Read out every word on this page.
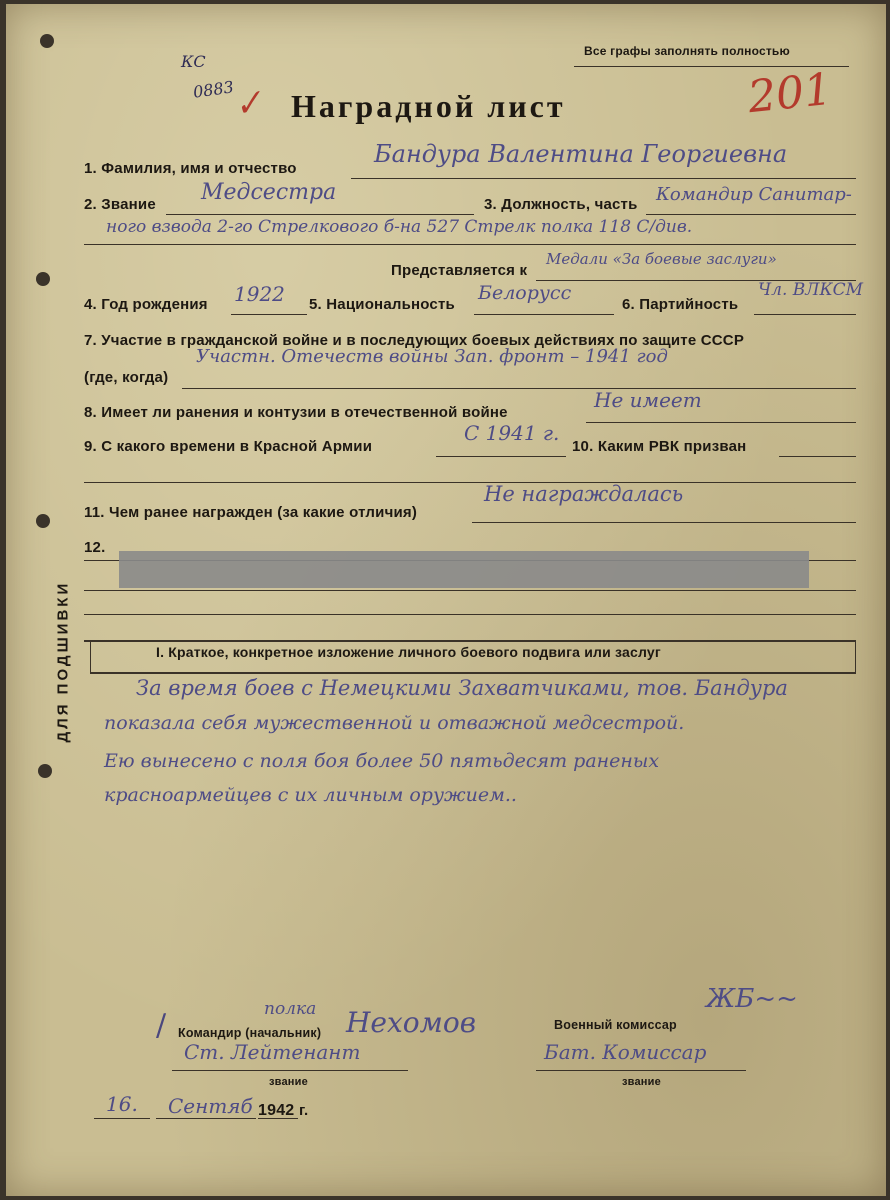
ДЛЯ ПОДШИВКИ
Все графы заполнять полностью
Наградной лист
КС
0883	201
✓
1. Фамилия, имя и отчество
Бандура Валентина Георгиевна
2. Звание Медсестра	3. Должность, часть Командир Санитар-
ного взвода 2-го Стрелкового б-на 527 Стрелк полка 118 С/див.
Представляется к
Медали «За боевые заслуги»
4. Год рождения 1922 5. Национальность
Белорусс
6. Партийность
Чл. ВЛКСМ
7. Участие в гражданской войне и в последующих боевых действиях по защите СССР
(где, когда)
Участн. Отечеств войны Зап. фронт – 1941 год
8. Имеет ли ранения и контузии в отечественной войне
Не имеет
9. С какого времени в Красной Армии
С 1941 г.
10. Каким РВК призван
11. Чем ранее награжден (за какие отличия)
Не награждалась
12.
I. Краткое, конкретное изложение личного боевого подвига или заслуг
За время боев с Немецкими Захватчиками, тов. Бандура
показала себя мужественной и отважной медсестрой.
Ею вынесено с поля боя более 50 пятьдесят раненых
красноармейцев с их личным оружием..
полка
/ Командир (начальник) Нехомов
Ст. Лейтенант
звание
Военный комиссар
ЖБ~~
Бат. Комиссар
звание
16. Сентяб 1942 г.
